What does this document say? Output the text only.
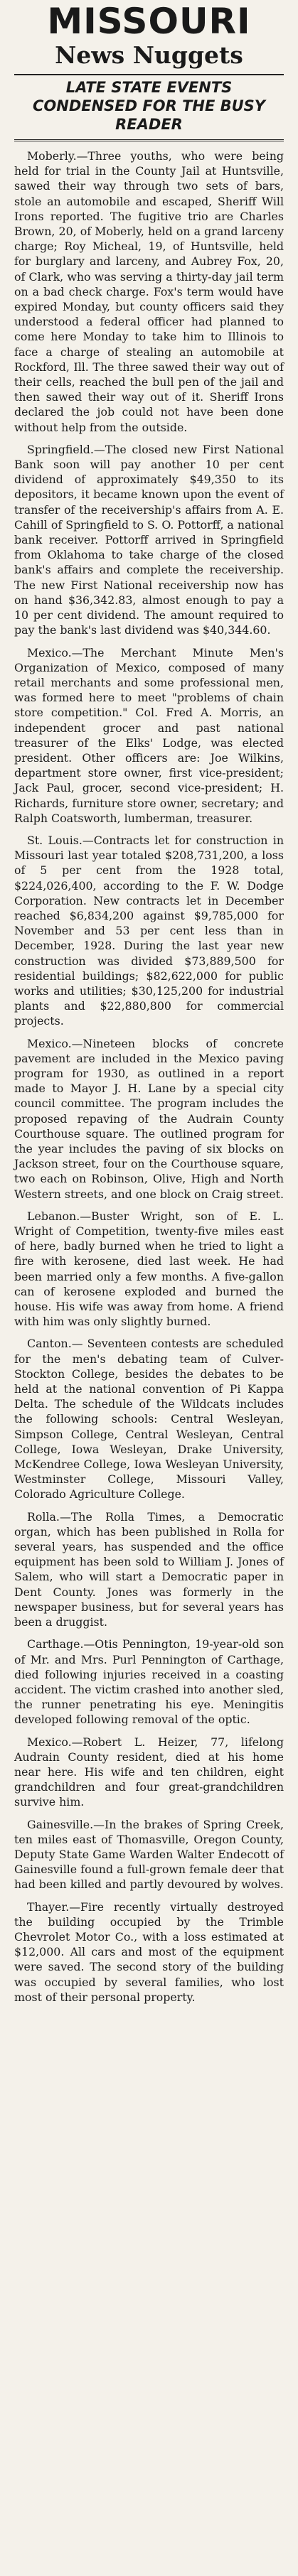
MISSOURI
News Nuggets
LATE STATE EVENTS CONDENSED FOR THE BUSY READER

Moberly.—Three youths, who were being held for trial in the County Jail at Huntsville, sawed their way through two sets of bars, stole an automobile and escaped, Sheriff Will Irons reported. The fugitive trio are Charles Brown, 20, of Moberly, held on a grand larceny charge; Roy Micheal, 19, of Huntsville, held for burglary and larceny, and Aubrey Fox, 20, of Clark, who was serving a thirty-day jail term on a bad check charge. Fox's term would have expired Monday, but county officers said they understood a federal officer had planned to come here Monday to take him to Illinois to face a charge of stealing an automobile at Rockford, Ill. The three sawed their way out of their cells, reached the bull pen of the jail and then sawed their way out of it. Sheriff Irons declared the job could not have been done without help from the outside.

Springfield.—The closed new First National Bank soon will pay another 10 per cent dividend of approximately $49,350 to its depositors, it became known upon the event of transfer of the receivership's affairs from A. E. Cahill of Springfield to S. O. Pottorff, a national bank receiver. Pottorff arrived in Springfield from Oklahoma to take charge of the closed bank's affairs and complete the receivership. The new First National receivership now has on hand $36,342.83, almost enough to pay a 10 per cent dividend. The amount required to pay the bank's last dividend was $40,344.60.

Mexico.—The Merchant Minute Men's Organization of Mexico, composed of many retail merchants and some professional men, was formed here to meet "problems of chain store competition." Col. Fred A. Morris, an independent grocer and past national treasurer of the Elks' Lodge, was elected president. Other officers are: Joe Wilkins, department store owner, first vice-president; Jack Paul, grocer, second vice-president; H. Richards, furniture store owner, secretary; and Ralph Coatsworth, lumberman, treasurer.

St. Louis.—Contracts let for construction in Missouri last year totaled $208,731,200, a loss of 5 per cent from the 1928 total, $224,026,400, according to the F. W. Dodge Corporation. New contracts let in December reached $6,834,200 against $9,785,000 for November and 53 per cent less than in December, 1928. During the last year new construction was divided $73,889,500 for residential buildings; $82,622,000 for public works and utilities; $30,125,200 for industrial plants and $22,880,800 for commercial projects.

Mexico.—Nineteen blocks of concrete pavement are included in the Mexico paving program for 1930, as outlined in a report made to Mayor J. H. Lane by a special city council committee. The program includes the proposed repaving of the Audrain County Courthouse square. The outlined program for the year includes the paving of six blocks on Jackson street, four on the Courthouse square, two each on Robinson, Olive, High and North Western streets, and one block on Craig street.

Lebanon.—Buster Wright, son of E. L. Wright of Competition, twenty-five miles east of here, badly burned when he tried to light a fire with kerosene, died last week. He had been married only a few months. A five-gallon can of kerosene exploded and burned the house. His wife was away from home. A friend with him was only slightly burned.

Canton.— Seventeen contests are scheduled for the men's debating team of Culver-Stockton College, besides the debates to be held at the national convention of Pi Kappa Delta. The schedule of the Wildcats includes the following schools: Central Wesleyan, Simpson College, Central Wesleyan, Central College, Iowa Wesleyan, Drake University, McKendree College, Iowa Wesleyan University, Westminster College, Missouri Valley, Colorado Agriculture College.

Rolla.—The Rolla Times, a Democratic organ, which has been published in Rolla for several years, has suspended and the office equipment has been sold to William J. Jones of Salem, who will start a Democratic paper in Dent County. Jones was formerly in the newspaper business, but for several years has been a druggist.

Carthage.—Otis Pennington, 19-year-old son of Mr. and Mrs. Purl Pennington of Carthage, died following injuries received in a coasting accident. The victim crashed into another sled, the runner penetrating his eye. Meningitis developed following removal of the optic.

Mexico.—Robert L. Heizer, 77, lifelong Audrain County resident, died at his home near here. His wife and ten children, eight grandchildren and four great-grandchildren survive him.

Gainesville.—In the brakes of Spring Creek, ten miles east of Thomasville, Oregon County, Deputy State Game Warden Walter Endecott of Gainesville found a full-grown female deer that had been killed and partly devoured by wolves.

Thayer.—Fire recently virtually destroyed the building occupied by the Trimble Chevrolet Motor Co., with a loss estimated at $12,000. All cars and most of the equipment were saved. The second story of the building was occupied by several families, who lost most of their personal property.
